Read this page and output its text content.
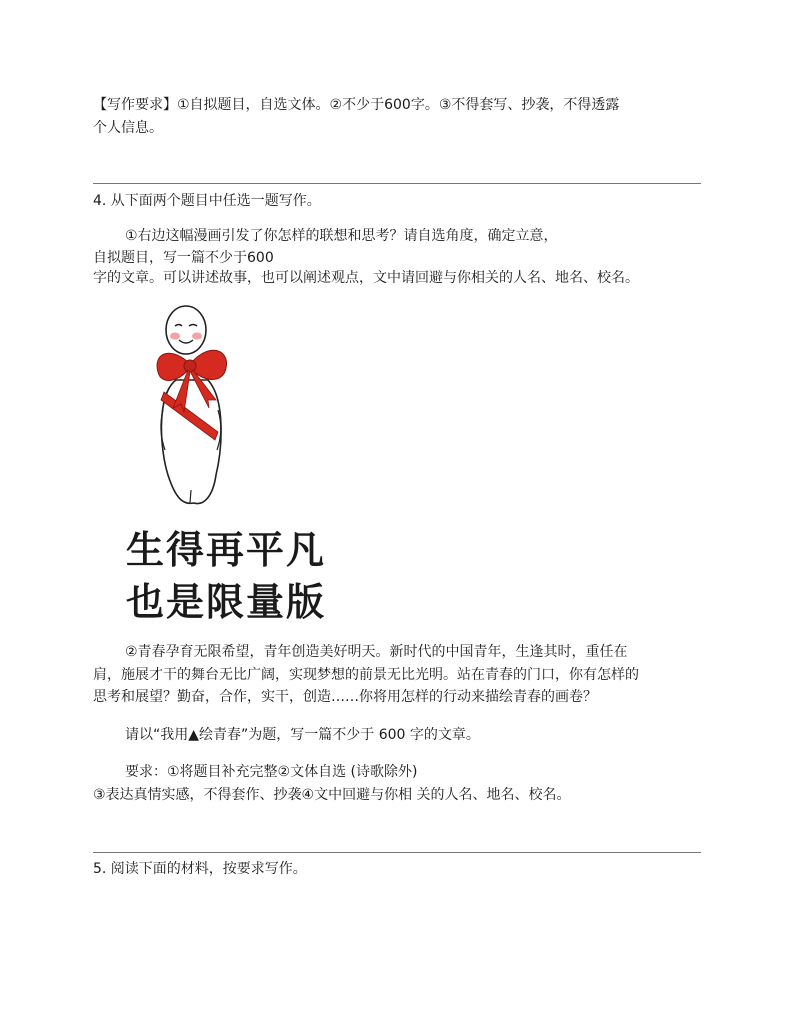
【写作要求】①自拟题目，自选文体。②不少于600字。③不得套写、抄袭，不得透露
个人信息。
4. 从下面两个题目中任选一题写作。
①右边这幅漫画引发了你怎样的联想和思考？请自选角度，确定立意，
自拟题目，写一篇不少于600
字的文章。可以讲述故事，也可以阐述观点，文中请回避与你相关的人名、地名、校名。
生得再平凡
也是限量版
②青春孕育无限希望，青年创造美好明天。新时代的中国青年，生逢其时，重任在
肩，施展才干的舞台无比广阔，实现梦想的前景无比光明。站在青春的门口，你有怎样的
思考和展望？勤奋，合作，实干，创造……你将用怎样的行动来描绘青春的画卷？
请以“我用▲绘青春”为题，写一篇不少于 600 字的文章。
要求：①将题目补充完整②文体自选 (诗歌除外)
③表达真情实感，不得套作、抄袭④文中回避与你相 关的人名、地名、校名。
5. 阅读下面的材料，按要求写作。
